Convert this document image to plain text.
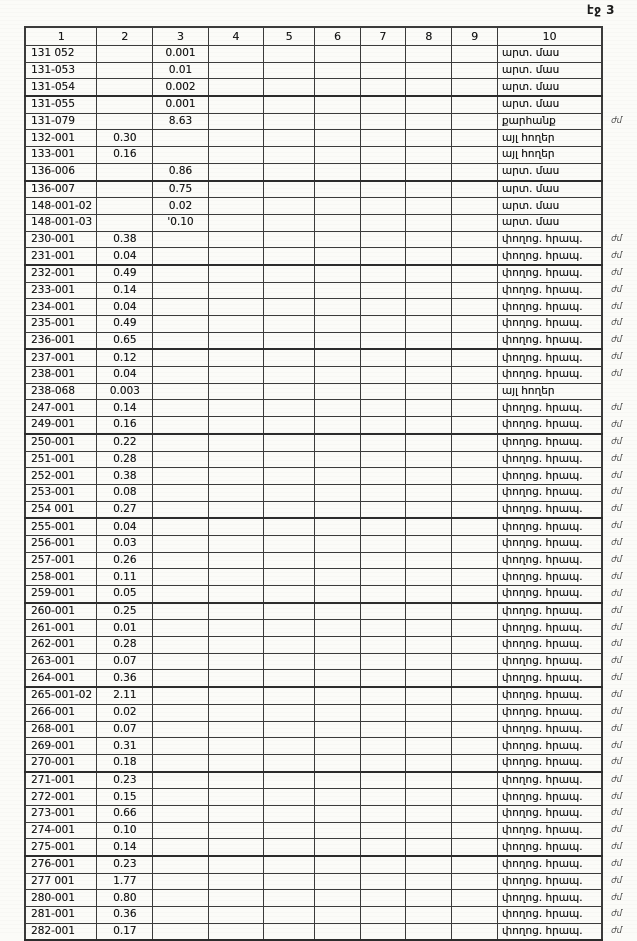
էջ 3
1	2	3	4	5	6	7	8	9	10	
131 052		0.001							արտ. մաս	
131-053		0.01							արտ. մաս	
131-054		0.002							արտ. մաս	
131-055		0.001							արտ. մաս	
131-079		8.63							քարհանք	ժմ
132-001	0.30								այլ հողեր	
133-001	0.16								այլ հողեր	
136-006		0.86							արտ. մաս	
136-007		0.75							արտ. մաս	
148-001-02		0.02							արտ. մաս	
148-001-03		'0.10							արտ. մաս	
230-001	0.38								փողոց. հրապ.	ժմ
231-001	0.04								փողոց. հրապ.	ժմ
232-001	0.49								փողոց. հրապ.	ժմ
233-001	0.14								փողոց. հրապ.	ժմ
234-001	0.04								փողոց. հրապ.	ժմ
235-001	0.49								փողոց. հրապ.	ժմ
236-001	0.65								փողոց. հրապ.	ժմ
237-001	0.12								փողոց. հրապ.	ժմ
238-001	0.04								փողոց. հրապ.	ժմ
238-068	0.003								այլ հողեր	
247-001	0.14								փողոց. հրապ.	ժմ
249-001	0.16								փողոց. հրապ.	ժմ
250-001	0.22								փողոց. հրապ.	ժմ
251-001	0.28								փողոց. հրապ.	ժմ
252-001	0.38								փողոց. հրապ.	ժմ
253-001	0.08								փողոց. հրապ.	ժմ
254 001	0.27								փողոց. հրապ.	ժմ
255-001	0.04								փողոց. հրապ.	ժմ
256-001	0.03								փողոց. հրապ.	ժմ
257-001	0.26								փողոց. հրապ.	ժմ
258-001	0.11								փողոց. հրապ.	ժմ
259-001	0.05								փողոց. հրապ.	ժմ
260-001	0.25								փողոց. հրապ.	ժմ
261-001	0.01								փողոց. հրապ.	ժմ
262-001	0.28								փողոց. հրապ.	ժմ
263-001	0.07								փողոց. հրապ.	ժմ
264-001	0.36								փողոց. հրապ.	ժմ
265-001-02	2.11								փողոց. հրապ.	ժմ
266-001	0.02								փողոց. հրապ.	ժմ
268-001	0.07								փողոց. հրապ.	ժմ
269-001	0.31								փողոց. հրապ.	ժմ
270-001	0.18								փողոց. հրապ.	ժմ
271-001	0.23								փողոց. հրապ.	ժմ
272-001	0.15								փողոց. հրապ.	ժմ
273-001	0.66								փողոց. հրապ.	ժմ
274-001	0.10								փողոց. հրապ.	ժմ
275-001	0.14								փողոց. հրապ.	ժմ
276-001	0.23								փողոց. հրապ.	ժմ
277 001	1.77								փողոց. հրապ.	ժմ
280-001	0.80								փողոց. հրապ.	ժմ
281-001	0.36								փողոց. հրապ.	ժմ
282-001	0.17								փողոց. հրապ.	ժմ
